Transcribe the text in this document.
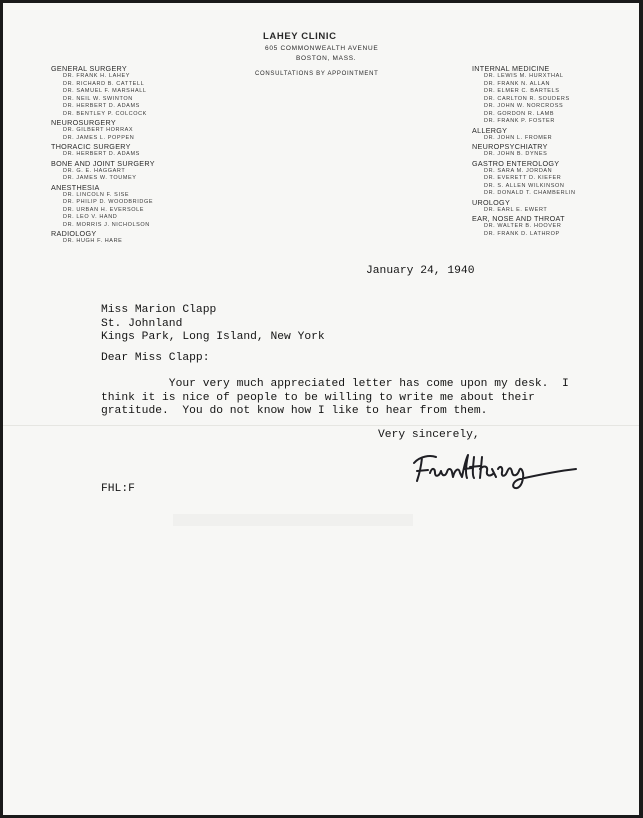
LAHEY CLINIC
605 COMMONWEALTH AVENUE
BOSTON, MASS.
CONSULTATIONS BY APPOINTMENT
GENERAL SURGERY
DR. FRANK H. LAHEY
DR. RICHARD B. CATTELL
DR. SAMUEL F. MARSHALL
DR. NEIL W. SWINTON
DR. HERBERT D. ADAMS
DR. BENTLEY P. COLCOCK
NEUROSURGERY
DR. GILBERT HORRAX
DR. JAMES L. POPPEN
THORACIC SURGERY
DR. HERBERT D. ADAMS
BONE AND JOINT SURGERY
DR. G. E. HAGGART
DR. JAMES W. TOUMEY
ANESTHESIA
DR. LINCOLN F. SISE
DR. PHILIP D. WOODBRIDGE
DR. URBAN H. EVERSOLE
DR. LEO V. HAND
DR. MORRIS J. NICHOLSON
RADIOLOGY
DR. HUGH F. HARE
INTERNAL MEDICINE
DR. LEWIS M. HURXTHAL
DR. FRANK N. ALLAN
DR. ELMER C. BARTELS
DR. CARLTON R. SOUDERS
DR. JOHN W. NORCROSS
DR. GORDON R. LAMB
DR. FRANK P. FOSTER
ALLERGY
DR. JOHN L. FROMER
NEUROPSYCHIATRY
DR. JOHN B. DYNES
GASTRO ENTEROLOGY
DR. SARA M. JORDAN
DR. EVERETT D. KIEFER
DR. S. ALLEN WILKINSON
DR. DONALD T. CHAMBERLIN
UROLOGY
DR. EARL E. EWERT
EAR, NOSE AND THROAT
DR. WALTER B. HOOVER
DR. FRANK D. LATHROP
January 24, 1940
Miss Marion Clapp
St. Johnland
Kings Park, Long Island, New York
Dear Miss Clapp:
Your very much appreciated letter has come upon my desk.  I
think it is nice of people to be willing to write me about their
gratitude.  You do not know how I like to hear from them.
Very sincerely,
FHL:F
